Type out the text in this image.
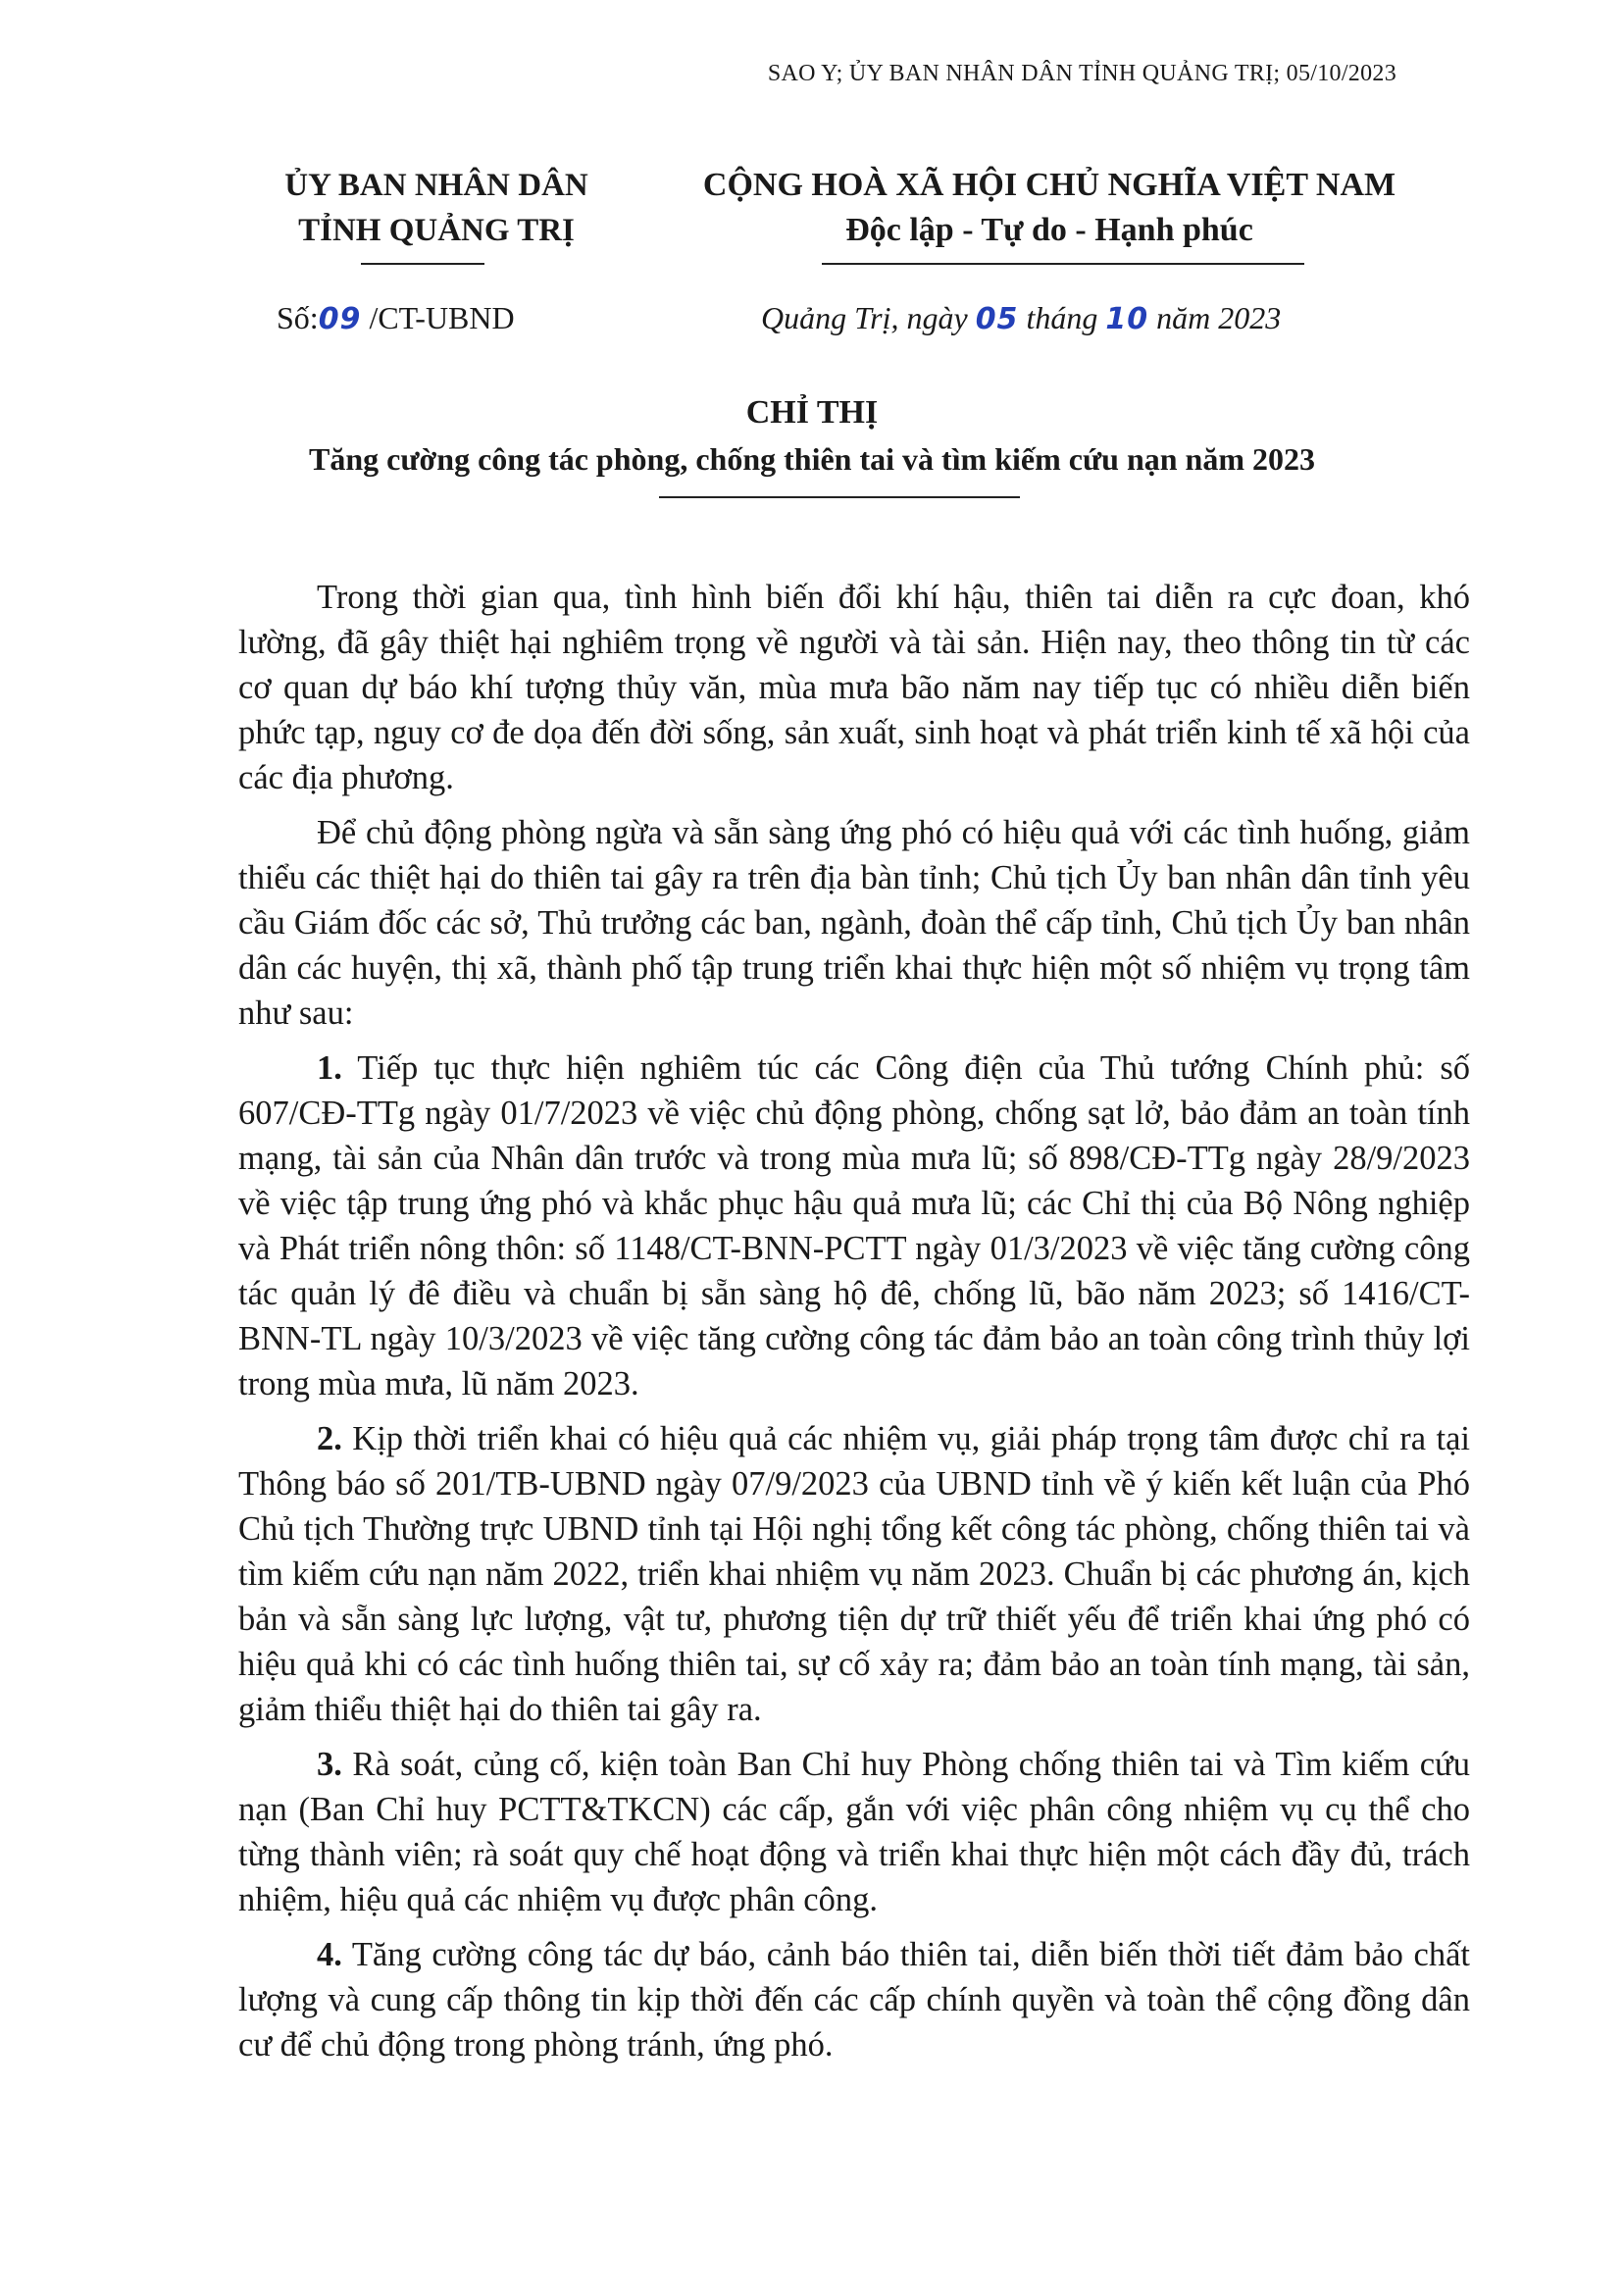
SAO Y; ỦY BAN NHÂN DÂN TỈNH QUẢNG TRỊ; 05/10/2023
ỦY BAN NHÂN DÂN
TỈNH QUẢNG TRỊ
CỘNG HOÀ XÃ HỘI CHỦ NGHĨA VIỆT NAM
Độc lập - Tự do - Hạnh phúc
Số:09 /CT-UBND	Quảng Trị, ngày 05 tháng 10 năm 2023
CHỈ THỊ
Tăng cường công tác phòng, chống thiên tai và tìm kiếm cứu nạn năm 2023

Trong thời gian qua, tình hình biến đổi khí hậu, thiên tai diễn ra cực đoan, khó lường, đã gây thiệt hại nghiêm trọng về người và tài sản. Hiện nay, theo thông tin từ các cơ quan dự báo khí tượng thủy văn, mùa mưa bão năm nay tiếp tục có nhiều diễn biến phức tạp, nguy cơ đe dọa đến đời sống, sản xuất, sinh hoạt và phát triển kinh tế xã hội của các địa phương.

Để chủ động phòng ngừa và sẵn sàng ứng phó có hiệu quả với các tình huống, giảm thiểu các thiệt hại do thiên tai gây ra trên địa bàn tỉnh; Chủ tịch Ủy ban nhân dân tỉnh yêu cầu Giám đốc các sở, Thủ trưởng các ban, ngành, đoàn thể cấp tỉnh, Chủ tịch Ủy ban nhân dân các huyện, thị xã, thành phố tập trung triển khai thực hiện một số nhiệm vụ trọng tâm như sau:

1. Tiếp tục thực hiện nghiêm túc các Công điện của Thủ tướng Chính phủ: số 607/CĐ-TTg ngày 01/7/2023 về việc chủ động phòng, chống sạt lở, bảo đảm an toàn tính mạng, tài sản của Nhân dân trước và trong mùa mưa lũ; số 898/CĐ-TTg ngày 28/9/2023 về việc tập trung ứng phó và khắc phục hậu quả mưa lũ; các Chỉ thị của Bộ Nông nghiệp và Phát triển nông thôn: số 1148/CT-BNN-PCTT ngày 01/3/2023 về việc tăng cường công tác quản lý đê điều và chuẩn bị sẵn sàng hộ đê, chống lũ, bão năm 2023; số 1416/CT-BNN-TL ngày 10/3/2023 về việc tăng cường công tác đảm bảo an toàn công trình thủy lợi trong mùa mưa, lũ năm 2023.

2. Kịp thời triển khai có hiệu quả các nhiệm vụ, giải pháp trọng tâm được chỉ ra tại Thông báo số 201/TB-UBND ngày 07/9/2023 của UBND tỉnh về ý kiến kết luận của Phó Chủ tịch Thường trực UBND tỉnh tại Hội nghị tổng kết công tác phòng, chống thiên tai và tìm kiếm cứu nạn năm 2022, triển khai nhiệm vụ năm 2023. Chuẩn bị các phương án, kịch bản và sẵn sàng lực lượng, vật tư, phương tiện dự trữ thiết yếu để triển khai ứng phó có hiệu quả khi có các tình huống thiên tai, sự cố xảy ra; đảm bảo an toàn tính mạng, tài sản, giảm thiểu thiệt hại do thiên tai gây ra.

3. Rà soát, củng cố, kiện toàn Ban Chỉ huy Phòng chống thiên tai và Tìm kiếm cứu nạn (Ban Chỉ huy PCTT&TKCN) các cấp, gắn với việc phân công nhiệm vụ cụ thể cho từng thành viên; rà soát quy chế hoạt động và triển khai thực hiện một cách đầy đủ, trách nhiệm, hiệu quả các nhiệm vụ được phân công.

4. Tăng cường công tác dự báo, cảnh báo thiên tai, diễn biến thời tiết đảm bảo chất lượng và cung cấp thông tin kịp thời đến các cấp chính quyền và toàn thể cộng đồng dân cư để chủ động trong phòng tránh, ứng phó.
